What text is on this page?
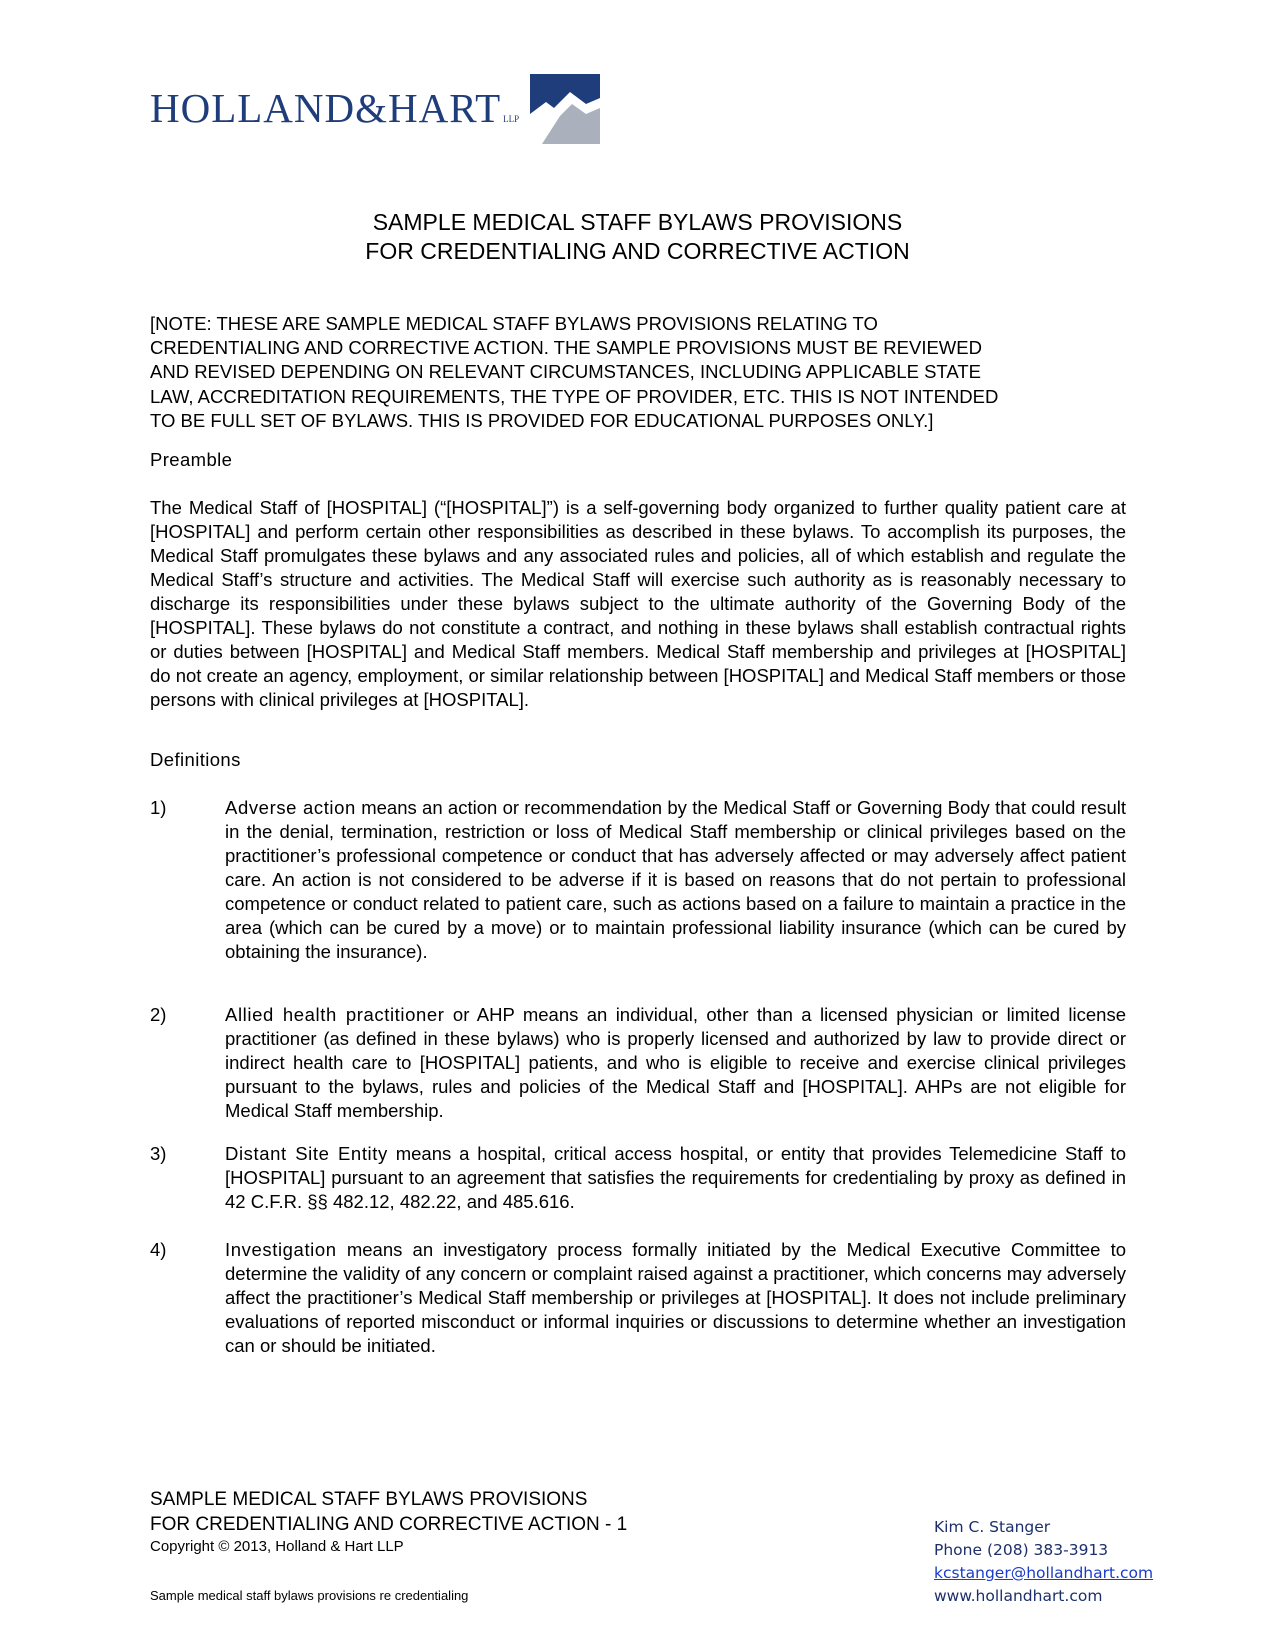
HOLLAND&HART LLP
SAMPLE MEDICAL STAFF BYLAWS PROVISIONS
FOR CREDENTIALING AND CORRECTIVE ACTION
[NOTE: THESE ARE SAMPLE MEDICAL STAFF BYLAWS PROVISIONS RELATING TO
CREDENTIALING AND CORRECTIVE ACTION. THE SAMPLE PROVISIONS MUST BE REVIEWED
AND REVISED DEPENDING ON RELEVANT CIRCUMSTANCES, INCLUDING APPLICABLE STATE
LAW, ACCREDITATION REQUIREMENTS, THE TYPE OF PROVIDER, ETC. THIS IS NOT INTENDED
TO BE FULL SET OF BYLAWS. THIS IS PROVIDED FOR EDUCATIONAL PURPOSES ONLY.]
Preamble
The Medical Staff of [HOSPITAL] (“[HOSPITAL]”) is a self-governing body organized to further quality patient care at [HOSPITAL] and perform certain other responsibilities as described in these bylaws. To accomplish its purposes, the Medical Staff promulgates these bylaws and any associated rules and policies, all of which establish and regulate the Medical Staff’s structure and activities. The Medical Staff will exercise such authority as is reasonably necessary to discharge its responsibilities under these bylaws subject to the ultimate authority of the Governing Body of the [HOSPITAL]. These bylaws do not constitute a contract, and nothing in these bylaws shall establish contractual rights or duties between [HOSPITAL] and Medical Staff members. Medical Staff membership and privileges at [HOSPITAL] do not create an agency, employment, or similar relationship between [HOSPITAL] and Medical Staff members or those persons with clinical privileges at [HOSPITAL].
Definitions
1)	Adverse action means an action or recommendation by the Medical Staff or Governing Body that could result in the denial, termination, restriction or loss of Medical Staff membership or clinical privileges based on the practitioner’s professional competence or conduct that has adversely affected or may adversely affect patient care. An action is not considered to be adverse if it is based on reasons that do not pertain to professional competence or conduct related to patient care, such as actions based on a failure to maintain a practice in the area (which can be cured by a move) or to maintain professional liability insurance (which can be cured by obtaining the insurance).
2)	Allied health practitioner or AHP means an individual, other than a licensed physician or limited license practitioner (as defined in these bylaws) who is properly licensed and authorized by law to provide direct or indirect health care to [HOSPITAL] patients, and who is eligible to receive and exercise clinical privileges pursuant to the bylaws, rules and policies of the Medical Staff and [HOSPITAL]. AHPs are not eligible for Medical Staff membership.
3)	Distant Site Entity means a hospital, critical access hospital, or entity that provides Telemedicine Staff to [HOSPITAL] pursuant to an agreement that satisfies the requirements for credentialing by proxy as defined in 42 C.F.R. §§ 482.12, 482.22, and 485.616.
4)	Investigation means an investigatory process formally initiated by the Medical Executive Committee to determine the validity of any concern or complaint raised against a practitioner, which concerns may adversely affect the practitioner’s Medical Staff membership or privileges at [HOSPITAL]. It does not include preliminary evaluations of reported misconduct or informal inquiries or discussions to determine whether an investigation can or should be initiated.
SAMPLE MEDICAL STAFF BYLAWS PROVISIONS
FOR CREDENTIALING AND CORRECTIVE ACTION - 1
Copyright © 2013, Holland & Hart LLP
Sample medical staff bylaws provisions re credentialing
Kim C. Stanger
Phone (208) 383-3913
kcstanger@hollandhart.com
www.hollandhart.com
